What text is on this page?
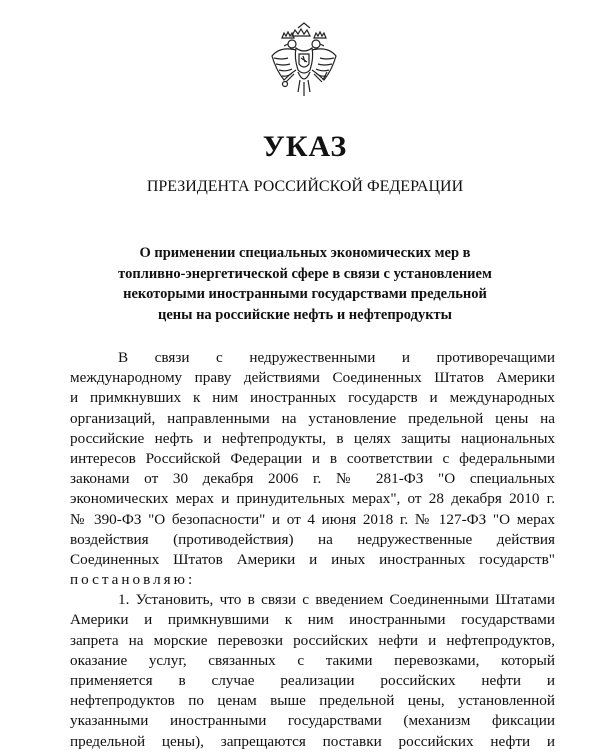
УКАЗ
ПРЕЗИДЕНТА РОССИЙСКОЙ ФЕДЕРАЦИИ
О применении специальных экономических мер в
топливно-энергетической сфере в связи с установлением
некоторыми иностранными государствами предельной
цены на российские нефть и нефтепродукты
В связи с недружественными и противоречащими
международному праву действиями Соединенных Штатов Америки
и примкнувших к ним иностранных государств и международных
организаций, направленными на установление предельной цены на
российские нефть и нефтепродукты, в целях защиты национальных
интересов Российской Федерации и в соответствии с федеральными
законами от 30 декабря 2006 г. № 281-ФЗ "О специальных
экономических мерах и принудительных мерах", от 28 декабря 2010 г.
№ 390-ФЗ "О безопасности" и от 4 июня 2018 г. № 127-ФЗ "О мерах
воздействия (противодействия) на недружественные действия
Соединенных Штатов Америки и иных иностранных государств"
постановляю:
1. Установить, что в связи с введением Соединенными Штатами
Америки и примкнувшими к ним иностранными государствами
запрета на морские перевозки российских нефти и нефтепродуктов,
оказание услуг, связанных с такими перевозками, который
применяется в случае реализации российских нефти и
нефтепродуктов по ценам выше предельной цены, установленной
указанными иностранными государствами (механизм фиксации
предельной цены), запрещаются поставки российских нефти и
